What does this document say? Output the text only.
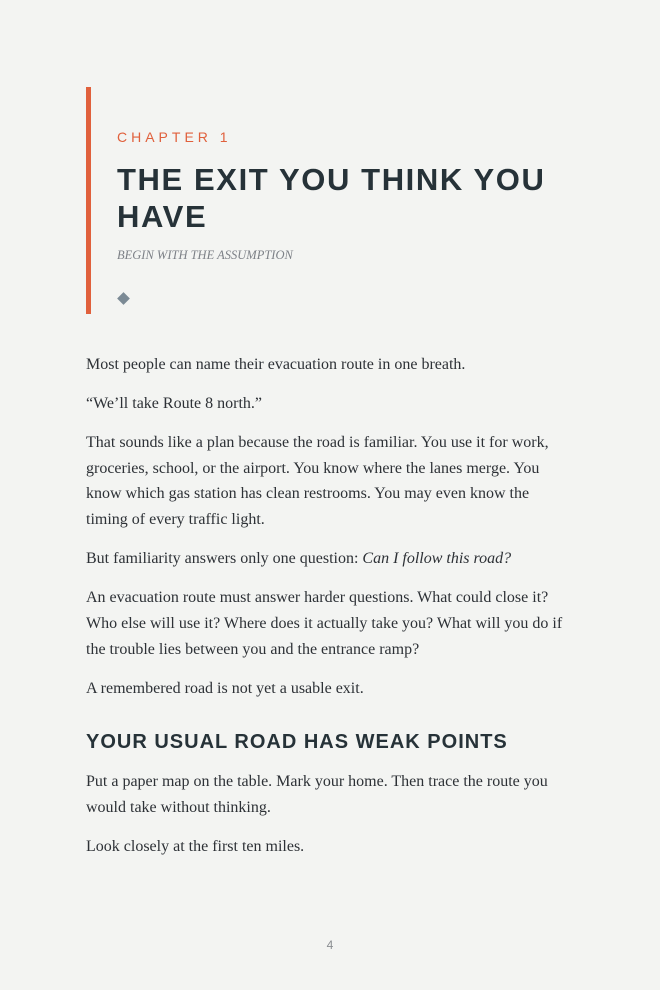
CHAPTER 1

THE EXIT YOU THINK YOU HAVE

BEGIN WITH THE ASSUMPTION

Most people can name their evacuation route in one breath.

“We’ll take Route 8 north.”

That sounds like a plan because the road is familiar. You use it for work, groceries, school, or the airport. You know where the lanes merge. You know which gas station has clean restrooms. You may even know the timing of every traffic light.

But familiarity answers only one question: Can I follow this road?

An evacuation route must answer harder questions. What could close it? Who else will use it? Where does it actually take you? What will you do if the trouble lies between you and the entrance ramp?

A remembered road is not yet a usable exit.

YOUR USUAL ROAD HAS WEAK POINTS

Put a paper map on the table. Mark your home. Then trace the route you would take without thinking.

Look closely at the first ten miles.

4
